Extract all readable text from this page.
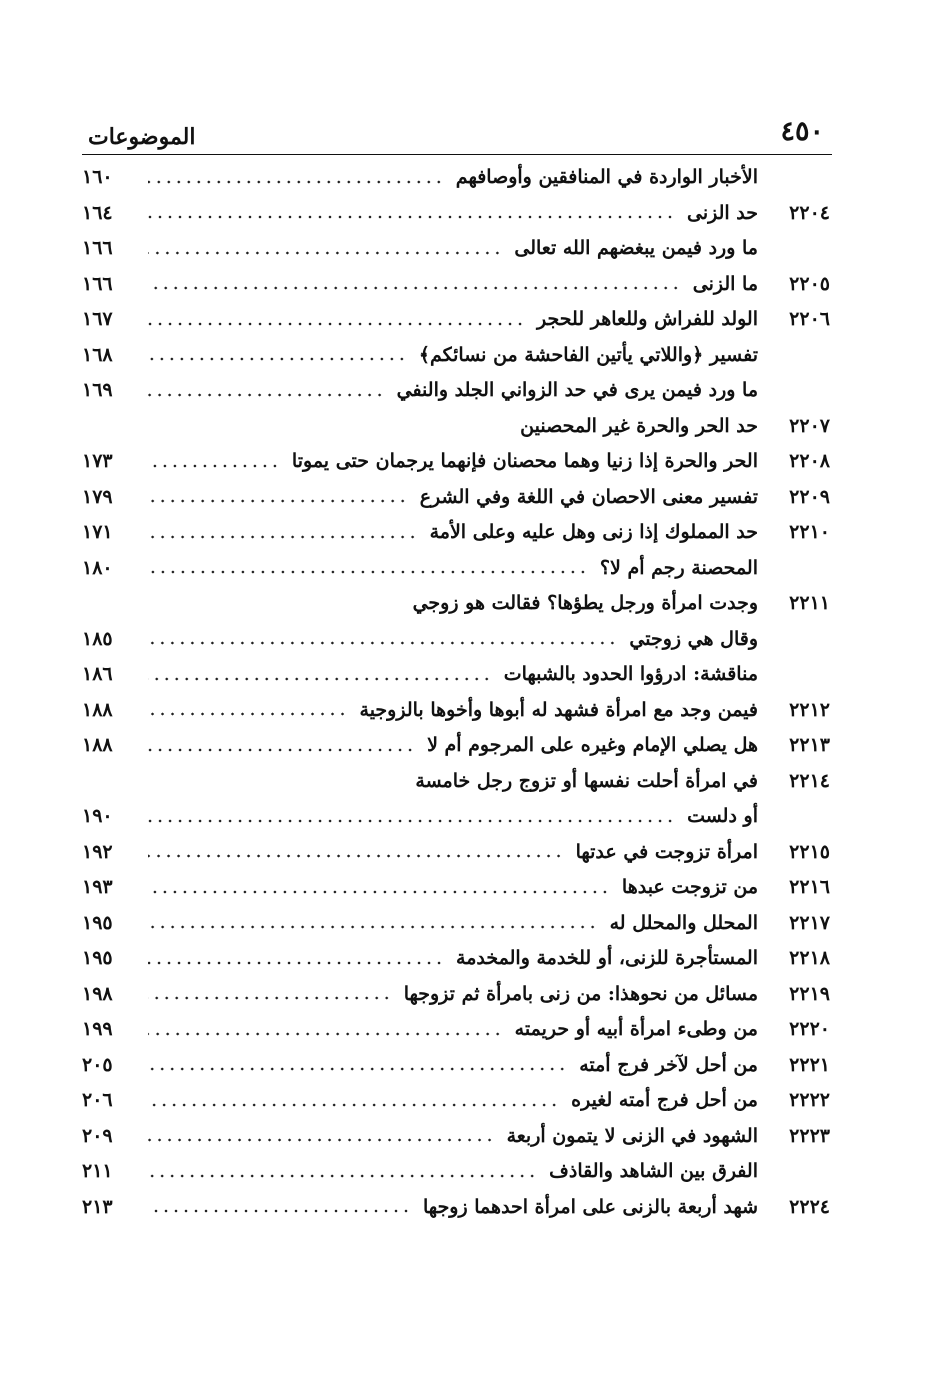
٤٥٠
الموضوعات
الأخبار الواردة في المنافقين وأوصافهم
١٦٠
٢٢٠٤
حد الزنى
١٦٤
ما ورد فيمن يبغضهم الله تعالى
١٦٦
٢٢٠٥
ما الزنى
١٦٦
٢٢٠٦
الولد للفراش وللعاهر للحجر
١٦٧
تفسير ﴿واللاتي يأتين الفاحشة من نسائكم﴾
١٦٨
ما ورد فيمن يرى في حد الزواني الجلد والنفي
١٦٩
٢٢٠٧
حد الحر والحرة غير المحصنين
٢٢٠٨
الحر والحرة إذا زنيا وهما محصنان فإنهما يرجمان حتى يموتا
١٧٣
٢٢٠٩
تفسير معنى الاحصان في اللغة وفي الشرع
١٧٩
٢٢١٠
حد المملوك إذا زنى وهل عليه وعلى الأمة
١٧١
المحصنة رجم أم لا؟
١٨٠
٢٢١١
وجدت امرأة ورجل يطؤها؟ فقالت هو زوجي
وقال هي زوجتي
١٨٥
مناقشة: ادرؤوا الحدود بالشبهات
١٨٦
٢٢١٢
فيمن وجد مع امرأة فشهد له أبوها وأخوها بالزوجية
١٨٨
٢٢١٣
هل يصلي الإمام وغيره على المرجوم أم لا
١٨٨
٢٢١٤
في امرأة أحلت نفسها أو تزوج رجل خامسة
أو دلست
١٩٠
٢٢١٥
امرأة تزوجت في عدتها
١٩٢
٢٢١٦
من تزوجت عبدها
١٩٣
٢٢١٧
المحلل والمحلل له
١٩٥
٢٢١٨
المستأجرة للزنى، أو للخدمة والمخدمة
١٩٥
٢٢١٩
مسائل من نحوهذا: من زنى بامرأة ثم تزوجها
١٩٨
٢٢٢٠
من وطىء امرأة أبيه أو حريمته
١٩٩
٢٢٢١
من أحل لآخر فرج أمته
٢٠٥
٢٢٢٢
من أحل فرج أمته لغيره
٢٠٦
٢٢٢٣
الشهود في الزنى لا يتمون أربعة
٢٠٩
الفرق بين الشاهد والقاذف
٢١١
٢٢٢٤
شهد أربعة بالزنى على امرأة احدهما زوجها
٢١٣
